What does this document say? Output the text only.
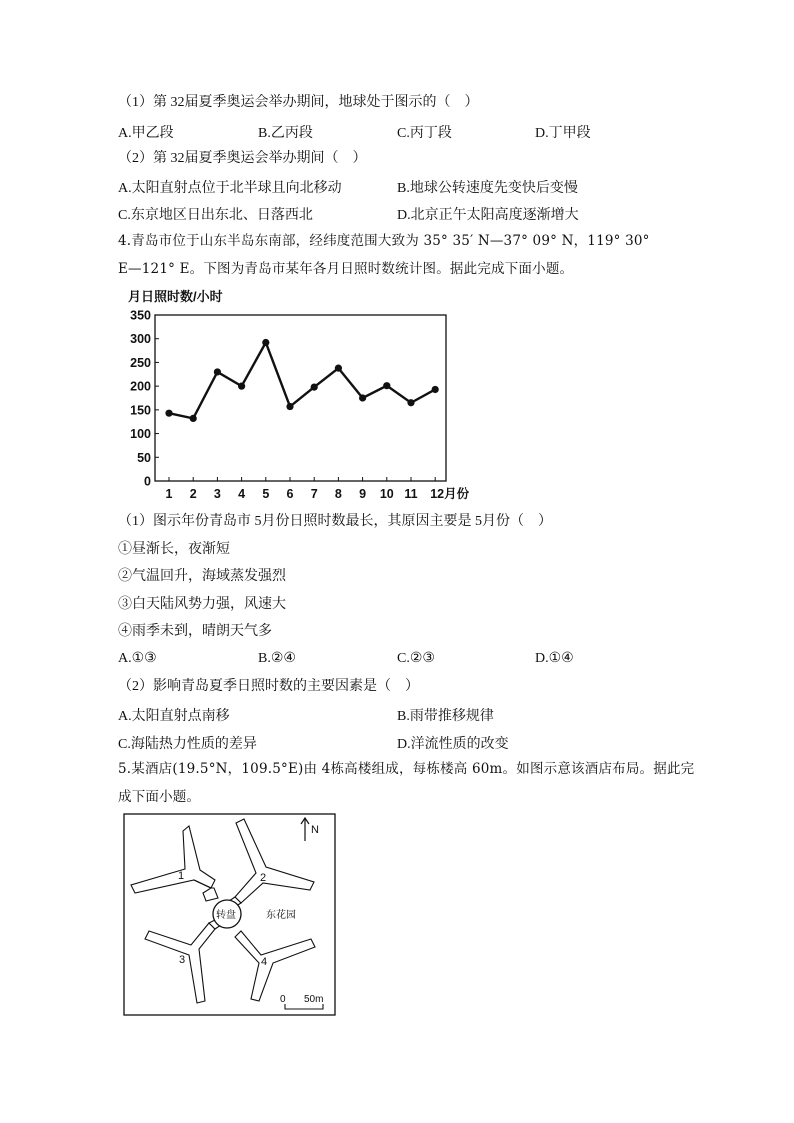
（1）第 32届夏季奥运会举办期间，地球处于图示的（　）
A.甲乙段	B.乙丙段	C.丙丁段	D.丁甲段
（2）第 32届夏季奥运会举办期间（　）
A.太阳直射点位于北半球且向北移动	B.地球公转速度先变快后变慢
C.东京地区日出东北、日落西北	D.北京正午太阳高度逐渐增大
4.青岛市位于山东半岛东南部，经纬度范围大致为 35° 35′ N—37° 09° N，119° 30°
E—121° E。下图为青岛市某年各月日照时数统计图。据此完成下面小题。
月日照时数/小时
0
50
100
150
200
250
300
350
1 2 3 4 5 6 7 8 9 10 11 12月份
（1）图示年份青岛市 5月份日照时数最长，其原因主要是 5月份（　）
①昼渐长，夜渐短
②气温回升，海域蒸发强烈
③白天陆风势力强，风速大
④雨季未到，晴朗天气多
A.①③	B.②④	C.②③	D.①④
（2）影响青岛夏季日照时数的主要因素是（　）
A.太阳直射点南移	B.雨带推移规律
C.海陆热力性质的差异	D.洋流性质的改变
5.某酒店(19.5°N，109.5°E)由 4栋高楼组成，每栋楼高 60m。如图示意该酒店布局。据此完
成下面小题。
N
1	2
3	4
转盘	东花园
0 50m
